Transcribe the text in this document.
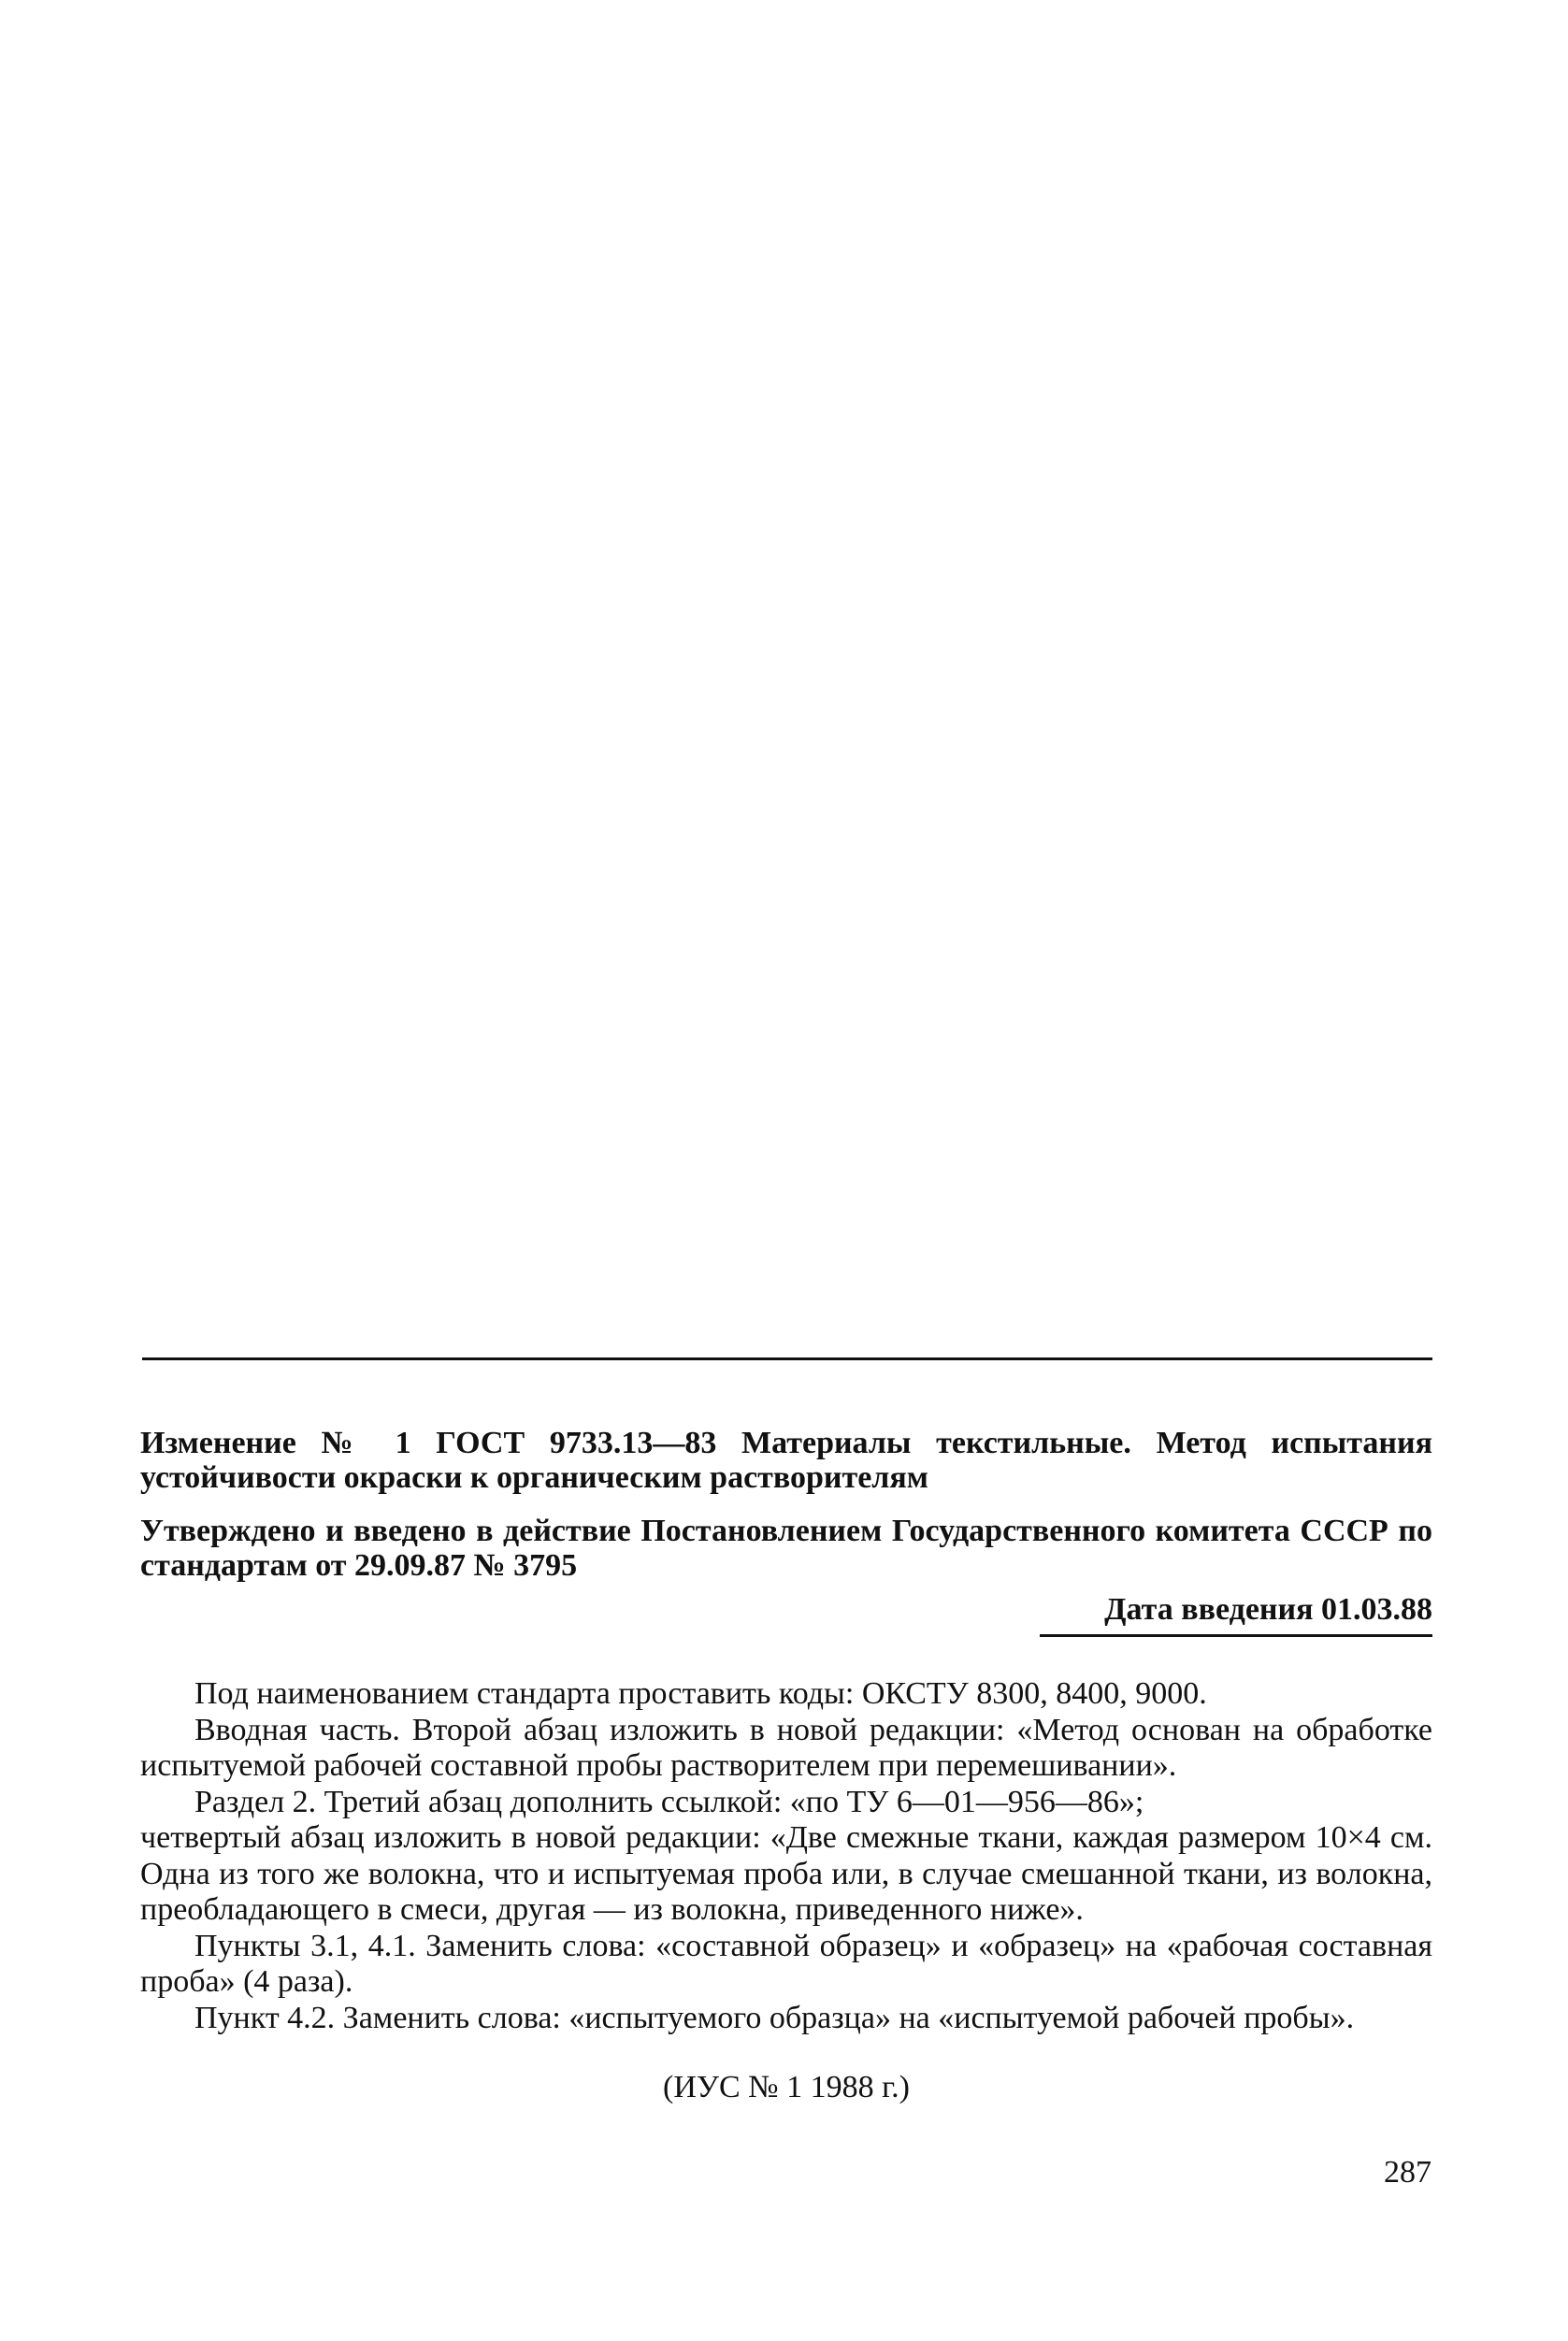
Изменение № 1 ГОСТ 9733.13—83 Материалы текстильные. Метод испытания устойчивости окраски к органическим растворителям

Утверждено и введено в действие Постановлением Государственного комитета СССР по стандартам от 29.09.87 № 3795

Дата введения 01.03.88

Под наименованием стандарта проставить коды: ОКСТУ 8300, 8400, 9000.

Вводная часть. Второй абзац изложить в новой редакции: «Метод основан на обработке испытуемой рабочей составной пробы растворителем при перемешивании».

Раздел 2. Третий абзац дополнить ссылкой: «по ТУ 6—01—956—86»;

четвертый абзац изложить в новой редакции: «Две смежные ткани, каждая размером 10×4 см. Одна из того же волокна, что и испытуемая проба или, в случае смешанной ткани, из волокна, преобладающего в смеси, другая — из волокна, приведенного ниже».

Пункты 3.1, 4.1. Заменить слова: «составной образец» и «образец» на «рабочая составная проба» (4 раза).

Пункт 4.2. Заменить слова: «испытуемого образца» на «испытуемой рабочей пробы».

(ИУС № 1 1988 г.)
287
